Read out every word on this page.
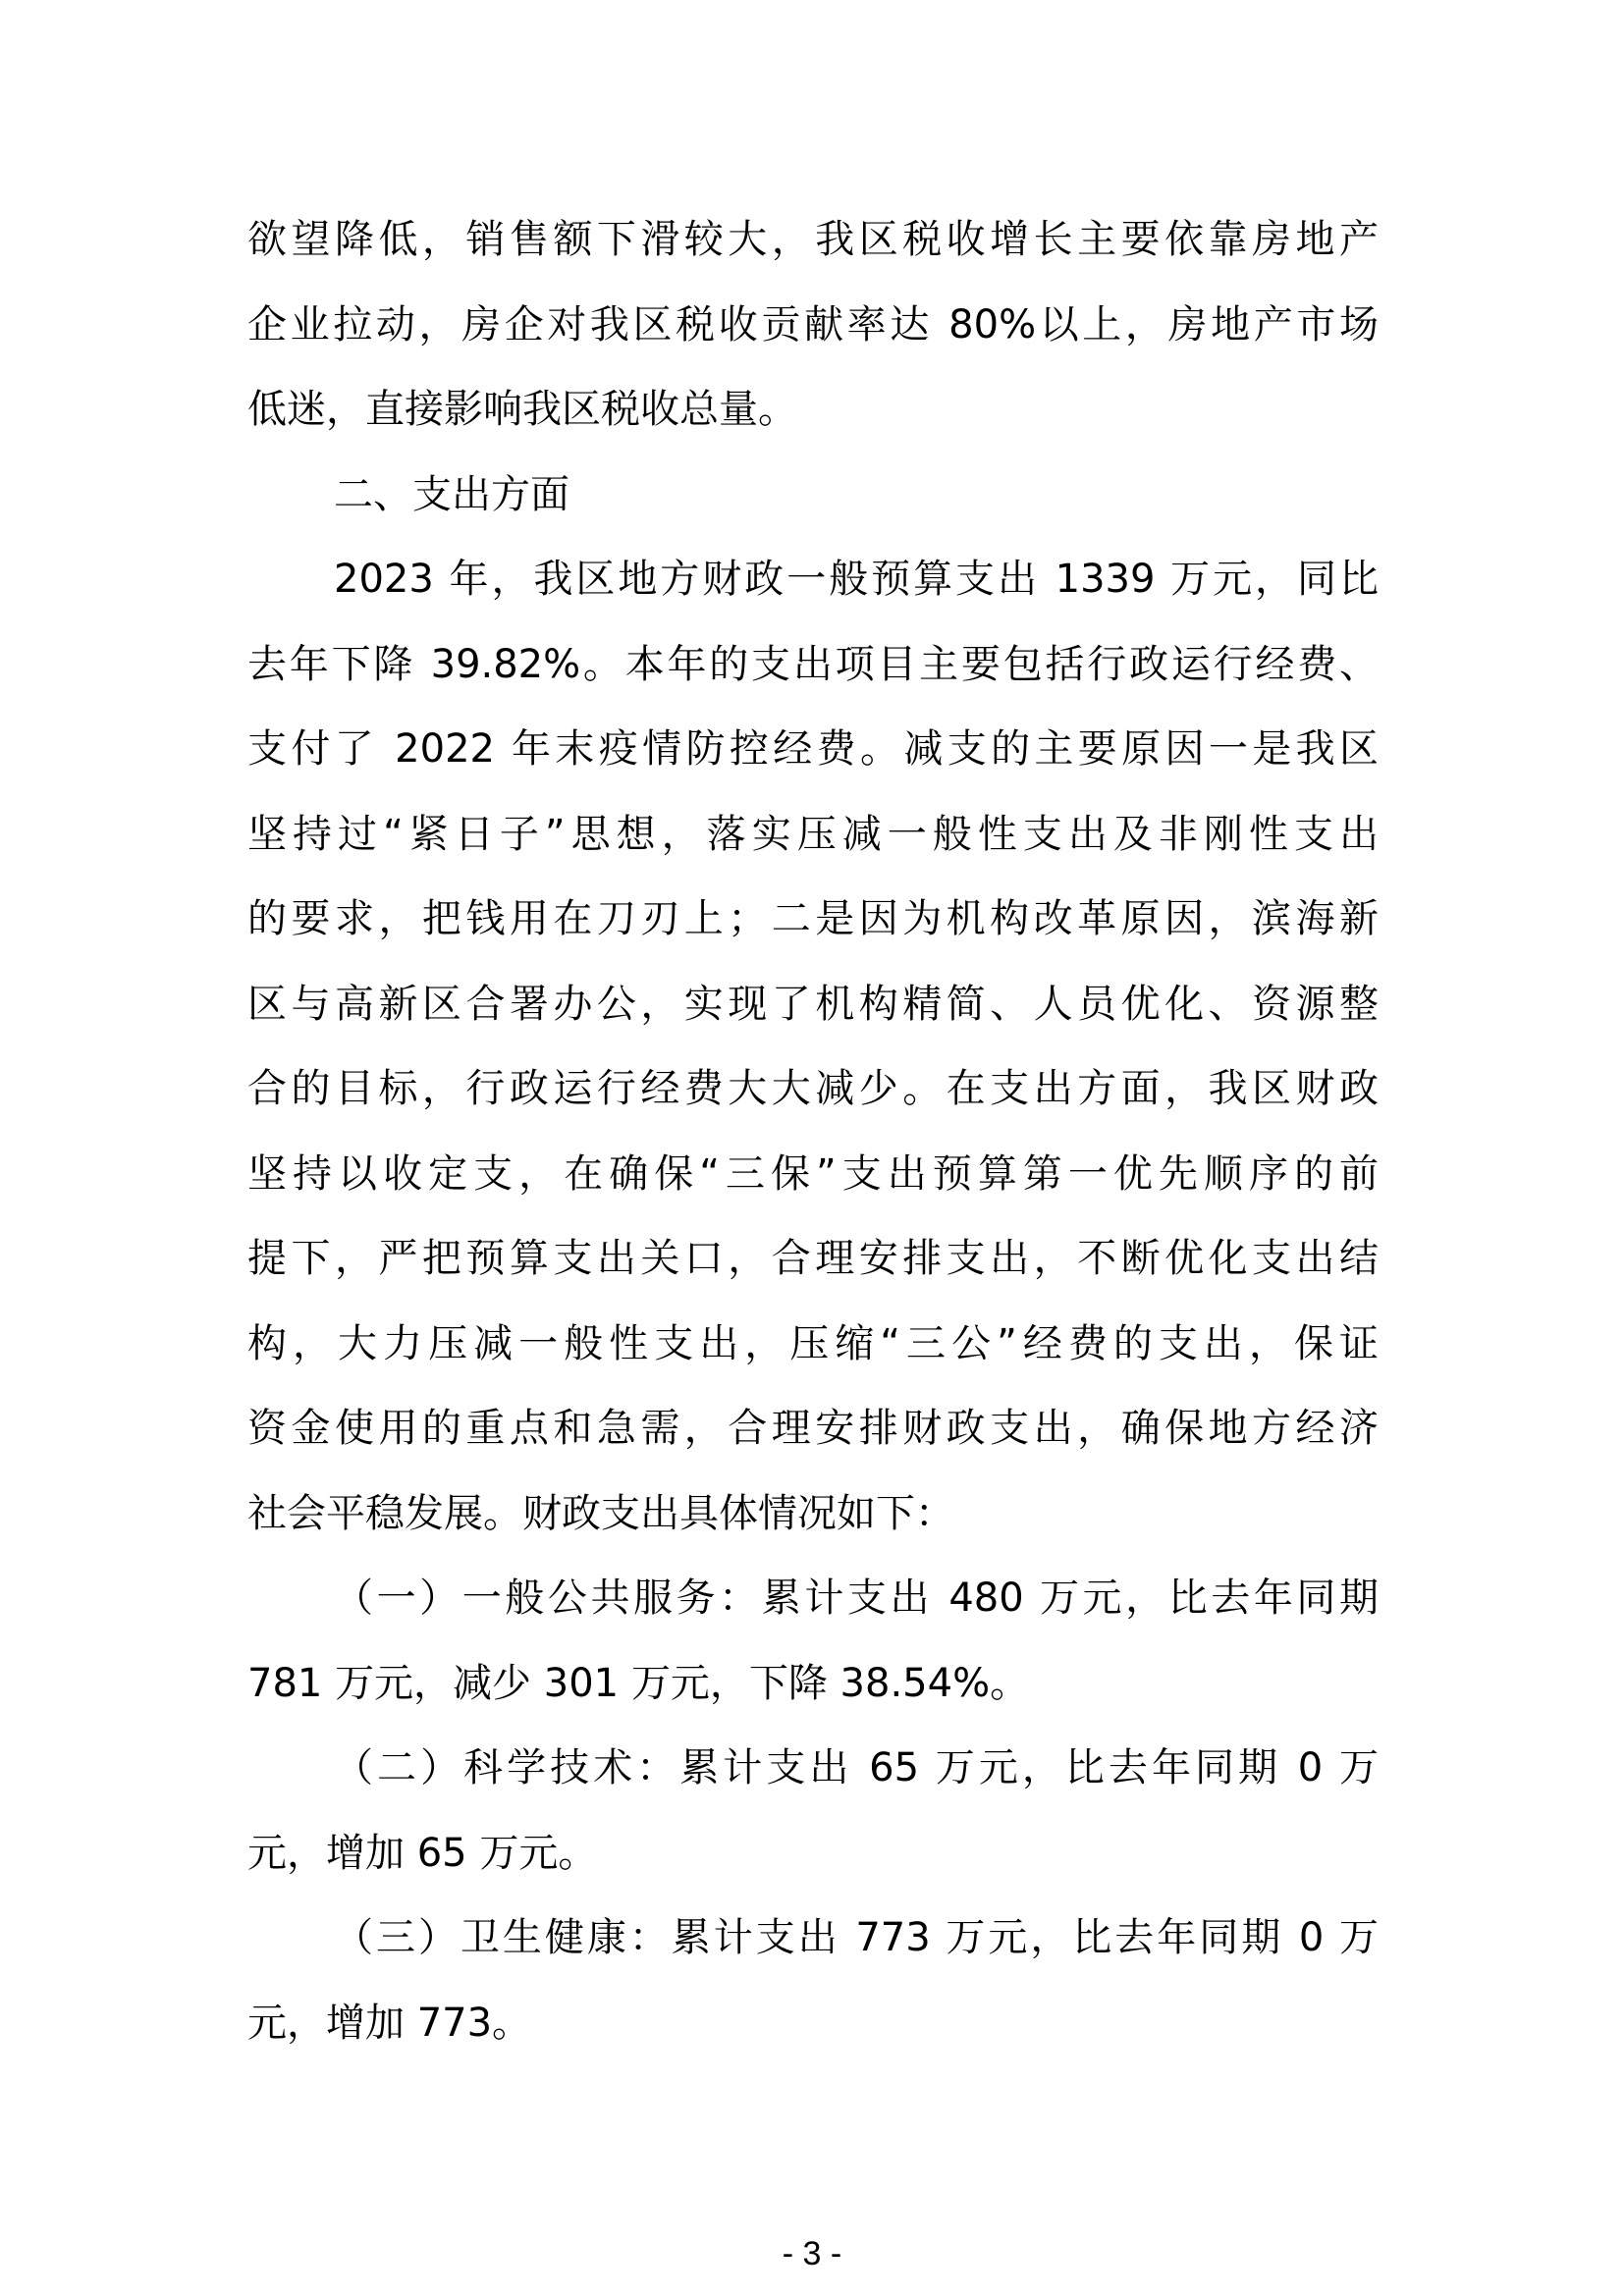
欲望降低，销售额下滑较大，我区税收增长主要依靠房地产
企业拉动，房企对我区税收贡献率达 80%以上，房地产市场
低迷，直接影响我区税收总量。
二、支出方面
2023 年，我区地方财政一般预算支出 1339 万元，同比
去年下降 39.82%。本年的支出项目主要包括行政运行经费、
支付了 2022 年末疫情防控经费。减支的主要原因一是我区
坚持过“紧日子”思想，落实压减一般性支出及非刚性支出
的要求，把钱用在刀刃上；二是因为机构改革原因，滨海新
区与高新区合署办公，实现了机构精简、人员优化、资源整
合的目标，行政运行经费大大减少。在支出方面，我区财政
坚持以收定支，在确保“三保”支出预算第一优先顺序的前
提下，严把预算支出关口，合理安排支出，不断优化支出结
构，大力压减一般性支出，压缩“三公”经费的支出，保证
资金使用的重点和急需，合理安排财政支出，确保地方经济
社会平稳发展。财政支出具体情况如下：
（一）一般公共服务：累计支出 480 万元，比去年同期
781 万元，减少 301 万元，下降 38.54%。
（二）科学技术：累计支出 65 万元，比去年同期 0 万
元，增加 65 万元。
（三）卫生健康：累计支出 773 万元，比去年同期 0 万
元，增加 773。
- 3 -
